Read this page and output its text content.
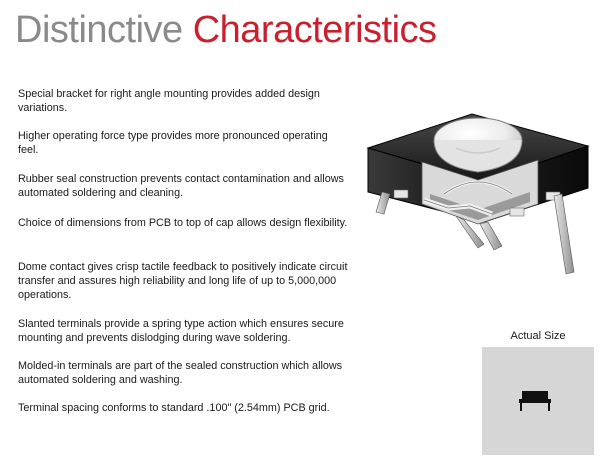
Distinctive Characteristics
Special bracket for right angle mounting provides added design variations.
Higher operating force type provides more pronounced operating feel.
Rubber seal construction prevents contact contamination and allows automated soldering and cleaning.
Choice of dimensions from PCB to top of cap allows design flexibility.
Dome contact gives crisp tactile feedback to positively indicate circuit transfer and assures high reliability and long life of up to 5,000,000 operations.
Slanted terminals provide a spring type action which ensures secure mounting and prevents dislodging during wave soldering.
Molded-in terminals are part of the sealed construction which allows automated soldering and washing.
Terminal spacing conforms to standard .100" (2.54mm) PCB grid.
Actual Size
